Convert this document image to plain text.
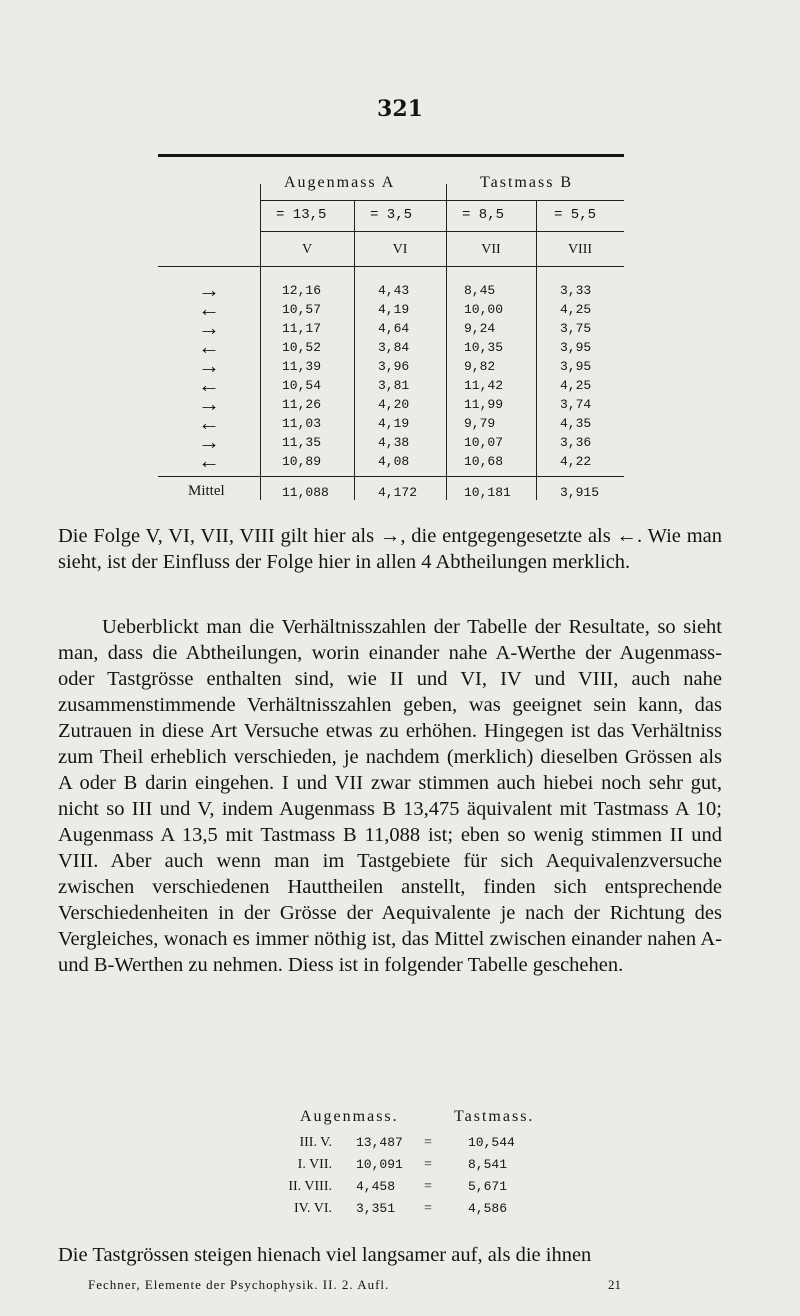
321
Augenmass A	Tastmass B
= 13,5	= 3,5	= 8,5	= 5,5
V	VI	VII	VIII
→	12,16	4,43	8,45	3,33
←	10,57	4,19	10,00	4,25
→	11,17	4,64	9,24	3,75
←	10,52	3,84	10,35	3,95
→	11,39	3,96	9,82	3,95
←	10,54	3,81	11,42	4,25
→	11,26	4,20	11,99	3,74
←	11,03	4,19	9,79	4,35
→	11,35	4,38	10,07	3,36
←	10,89	4,08	10,68	4,22
Mittel	11,088	4,172	10,181	3,915

Die Folge V, VI, VII, VIII gilt hier als →, die entgegengesetzte als ←. Wie man sieht, ist der Einfluss der Folge hier in allen 4 Abtheilungen merklich.

Ueberblickt man die Verhältnisszahlen der Tabelle der Resultate, so sieht man, dass die Abtheilungen, worin einander nahe A-Werthe der Augenmass- oder Tastgrösse enthalten sind, wie II und VI, IV und VIII, auch nahe zusammenstimmende Verhältnisszahlen geben, was geeignet sein kann, das Zutrauen in diese Art Versuche etwas zu erhöhen. Hingegen ist das Verhältniss zum Theil erheblich verschieden, je nachdem (merklich) dieselben Grössen als A oder B darin eingehen. I und VII zwar stimmen auch hiebei noch sehr gut, nicht so III und V, indem Augenmass B 13,475 äquivalent mit Tastmass A 10; Augenmass A 13,5 mit Tastmass B 11,088 ist; eben so wenig stimmen II und VIII. Aber auch wenn man im Tastgebiete für sich Aequivalenzversuche zwischen verschiedenen Hauttheilen anstellt, finden sich entsprechende Verschiedenheiten in der Grösse der Aequivalente je nach der Richtung des Vergleiches, wonach es immer nöthig ist, das Mittel zwischen einander nahen A- und B-Werthen zu nehmen. Diess ist in folgender Tabelle geschehen.

Augenmass.	Tastmass.
III. V. 13,487 =	10,544
I. VII. 10,091 =	8,541
II. VIII. 4,458 =	5,671
IV. VI. 3,351 =	4,586

Die Tastgrössen steigen hienach viel langsamer auf, als die ihnen

Fechner, Elemente der Psychophysik. II. 2. Aufl.	21
